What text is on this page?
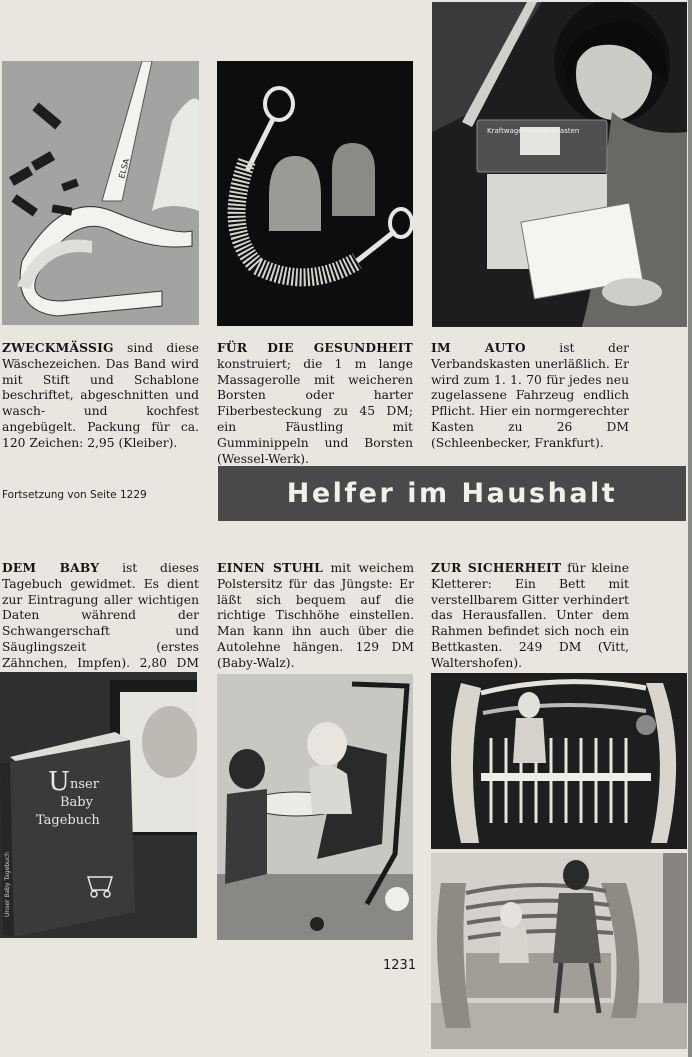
ELSA
Kraftwagenverbandkasten
ZWECKMÄSSIG sind diese Wäschezeichen. Das Band wird mit Stift und Schablone beschriftet, abgeschnitten und wasch- und kochfest angebügelt. Packung für ca. 120 Zeichen: 2,95 (Kleiber).
FÜR DIE GESUNDHEIT konstruiert; die 1 m lange Massagerolle mit weicheren Borsten oder harter Fiberbesteckung zu 45 DM; ein Fäustling mit Gumminippeln und Borsten (Wessel-Werk).
IM AUTO	ist der Verbandskasten unerläßlich. Er wird zum 1. 1. 70 für jedes neu zugelassene Fahrzeug endlich Pflicht. Hier ein normgerechter Kasten zu 26 DM (Schleenbecker, Frankfurt).
Fortsetzung von Seite 1229	Helfer im Haushalt
DEM BABY ist dieses Tagebuch gewidmet. Es dient zur Eintragung aller wichtigen Daten während der Schwangerschaft und Säuglingszeit (erstes Zähnchen, Impfen). 2,80 DM
EINEN STUHL mit weichem Polstersitz für das Jüngste: Er läßt sich bequem auf die richtige Tischhöhe einstellen. Man kann ihn auch über die Autolehne hängen. 129 DM (Baby-Walz).
ZUR SICHERHEIT für kleine Kletterer: Ein Bett mit verstellbarem Gitter verhindert das Herausfallen. Unter dem Rahmen befindet sich noch ein Bettkasten. 249 DM (Vitt, Waltershofen).
U nser
Baby
Tagebuch
Unser Baby Tagebuch
1231
